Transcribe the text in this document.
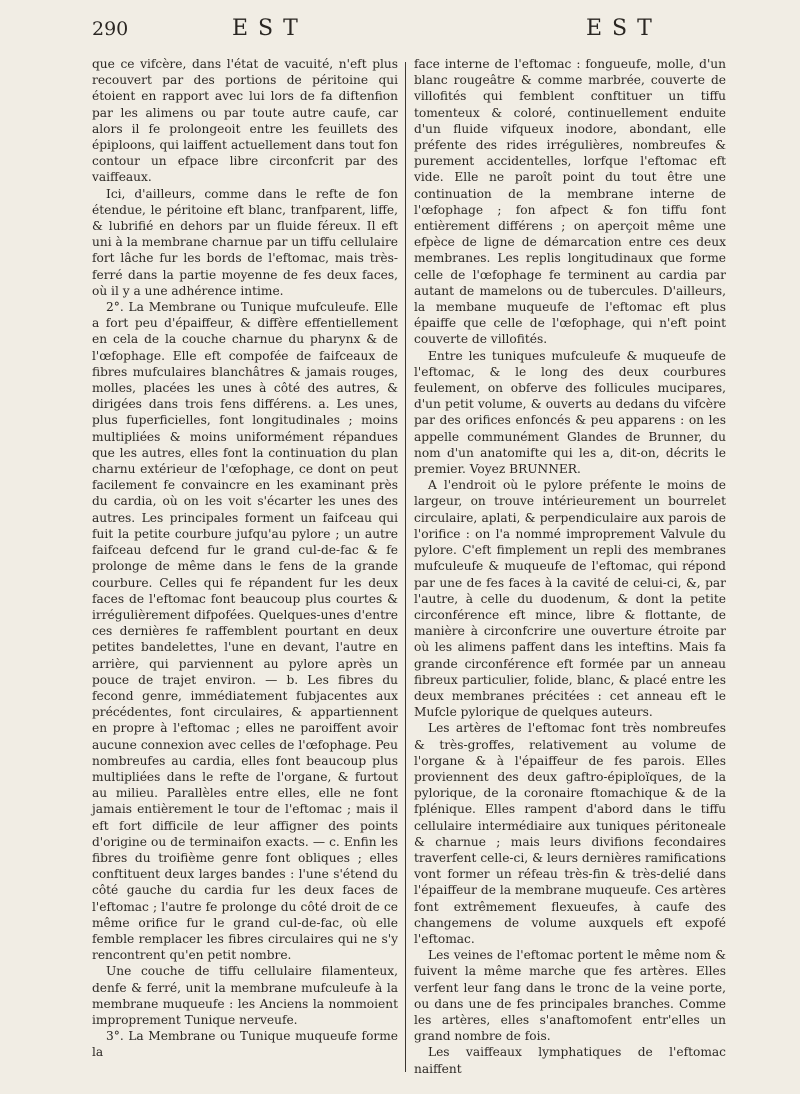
290	EST	EST

que ce vifcère, dans l'état de vacuité, n'eft plus recouvert par des portions de péritoine qui étoient en rapport avec lui lors de fa diftenfion par les alimens ou par toute autre caufe, car alors il fe prolongeoit entre les feuillets des épiploons, qui laiffent actuellement dans tout fon contour un efpace libre circonfcrit par des vaiffeaux.

Ici, d'ailleurs, comme dans le refte de fon étendue, le péritoine eft blanc, tranfparent, liffe, & lubrifié en dehors par un fluide féreux. Il eft uni à la membrane charnue par un tiffu cellulaire fort lâche fur les bords de l'eftomac, mais très-ferré dans la partie moyenne de fes deux faces, où il y a une adhérence intime.

2°. La Membrane ou Tunique mufculeufe. Elle a fort peu d'épaiffeur, & diffère effentiellement en cela de la couche charnue du pharynx & de l'œfophage. Elle eft compofée de faifceaux de fibres mufculaires blanchâtres & jamais rouges, molles, placées les unes à côté des autres, & dirigées dans trois fens différens. a. Les unes, plus fuperficielles, font longitudinales ; moins multipliées & moins uniformément répandues que les autres, elles font la continuation du plan charnu extérieur de l'œfophage, ce dont on peut facilement fe convaincre en les examinant près du cardia, où on les voit s'écarter les unes des autres. Les principales forment un faifceau qui fuit la petite courbure jufqu'au pylore ; un autre faifceau defcend fur le grand cul-de-fac & fe prolonge de même dans le fens de la grande courbure. Celles qui fe répandent fur les deux faces de l'eftomac font beaucoup plus courtes & irrégulièrement difpofées. Quelques-unes d'entre ces dernières fe raffemblent pourtant en deux petites bandelettes, l'une en devant, l'autre en arrière, qui parviennent au pylore après un pouce de trajet environ. — b. Les fibres du fecond genre, immédiatement fubjacentes aux précédentes, font circulaires, & appartiennent en propre à l'eftomac ; elles ne paroiffent avoir aucune connexion avec celles de l'œfophage. Peu nombreufes au cardia, elles font beaucoup plus multipliées dans le refte de l'organe, & furtout au milieu. Parallèles entre elles, elle ne font jamais entièrement le tour de l'eftomac ; mais il eft fort difficile de leur affigner des points d'origine ou de terminaifon exacts. — c. Enfin les fibres du troifième genre font obliques ; elles conftituent deux larges bandes : l'une s'étend du côté gauche du cardia fur les deux faces de l'eftomac ; l'autre fe prolonge du côté droit de ce même orifice fur le grand cul-de-fac, où elle femble remplacer les fibres circulaires qui ne s'y rencontrent qu'en petit nombre.

Une couche de tiffu cellulaire filamenteux, denfe & ferré, unit la membrane mufculeufe à la membrane muqueufe : les Anciens la nommoient improprement Tunique nerveufe.

3°. La Membrane ou Tunique muqueufe forme la

face interne de l'eftomac : fongueufe, molle, d'un blanc rougeâtre & comme marbrée, couverte de villofités qui femblent conftituer un tiffu tomenteux & coloré, continuellement enduite d'un fluide vifqueux inodore, abondant, elle préfente des rides irrégulières, nombreufes & purement accidentelles, lorfque l'eftomac eft vide. Elle ne paroît point du tout être une continuation de la membrane interne de l'œfophage ; fon afpect & fon tiffu font entièrement différens ; on aperçoit même une efpèce de ligne de démarcation entre ces deux membranes. Les replis longitudinaux que forme celle de l'œfophage fe terminent au cardia par autant de mamelons ou de tubercules. D'ailleurs, la membane muqueufe de l'eftomac eft plus épaiffe que celle de l'œfophage, qui n'eft point couverte de villofités.

Entre les tuniques mufculeufe & muqueufe de l'eftomac, & le long des deux courbures feulement, on obferve des follicules mucipares, d'un petit volume, & ouverts au dedans du vifcère par des orifices enfoncés & peu apparens : on les appelle communément Glandes de Brunner, du nom d'un anatomifte qui les a, dit-on, décrits le premier. Voyez BRUNNER.

A l'endroit où le pylore préfente le moins de largeur, on trouve intérieurement un bourrelet circulaire, aplati, & perpendiculaire aux parois de l'orifice : on l'a nommé improprement Valvule du pylore. C'eft fimplement un repli des membranes mufculeufe & muqueufe de l'eftomac, qui répond par une de fes faces à la cavité de celui-ci, &, par l'autre, à celle du duodenum, & dont la petite circonférence eft mince, libre & flottante, de manière à circonfcrire une ouverture étroite par où les alimens paffent dans les inteftins. Mais fa grande circonférence eft formée par un anneau fibreux particulier, folide, blanc, & placé entre les deux membranes précitées : cet anneau eft le Mufcle pylorique de quelques auteurs.

Les artères de l'eftomac font très nombreufes & très-groffes, relativement au volume de l'organe & à l'épaiffeur de fes parois. Elles proviennent des deux gaftro-épiploïques, de la pylorique, de la coronaire ftomachique & de la fplénique. Elles rampent d'abord dans le tiffu cellulaire intermédiaire aux tuniques péritoneale & charnue ; mais leurs divifions fecondaires traverfent celle-ci, & leurs dernières ramifications vont former un réfeau très-fin & très-delié dans l'épaiffeur de la membrane muqueufe. Ces artères font extrêmement flexueufes, à caufe des changemens de volume auxquels eft expofé l'eftomac.

Les veines de l'eftomac portent le même nom & fuivent la même marche que fes artères. Elles verfent leur fang dans le tronc de la veine porte, ou dans une de fes principales branches. Comme les artères, elles s'anaftomofent entr'elles un grand nombre de fois.

Les vaiffeaux lymphatiques de l'eftomac naiffent
